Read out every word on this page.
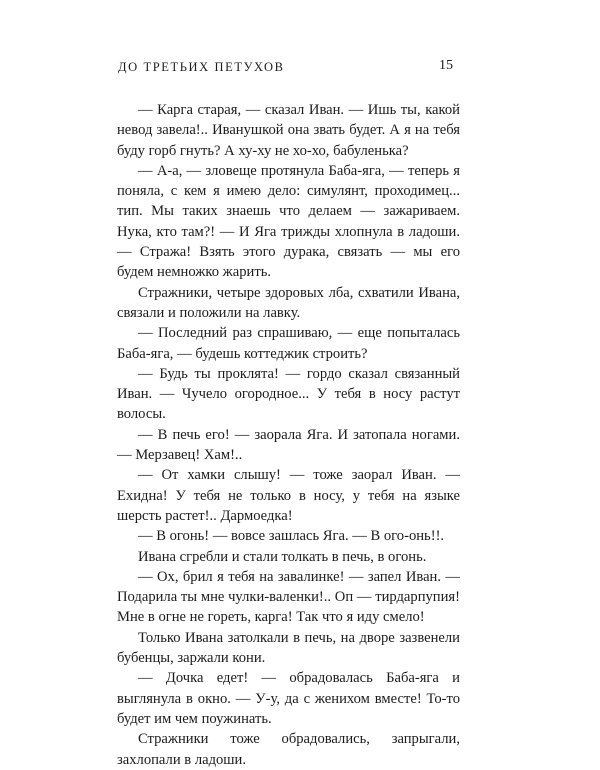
ДО ТРЕТЬИХ ПЕТУХОВ	15

— Карга старая, — сказал Иван. — Ишь ты, какой невод завела!.. Иванушкой она звать будет. А я на тебя буду горб гнуть? А ху-ху не хо-хо, бабуленька?

— А-а, — зловеще протянула Баба-яга, — теперь я поняла, с кем я имею дело: симулянт, проходимец... тип. Мы таких знаешь что делаем — зажариваем. Нука, кто там?! — И Яга трижды хлопнула в ладоши. — Стража! Взять этого дурака, связать — мы его будем немножко жарить.

Стражники, четыре здоровых лба, схватили Ивана, связали и положили на лавку.

— Последний раз спрашиваю, — еще попыталась Баба-яга, — будешь коттеджик строить?

— Будь ты проклята! — гордо сказал связанный Иван. — Чучело огородное... У тебя в носу растут волосы.

— В печь его! — заорала Яга. И затопала ногами. — Мерзавец! Хам!..

— От хамки слышу! — тоже заорал Иван. — Ехидна! У тебя не только в носу, у тебя на языке шерсть растет!.. Дармоедка!

— В огонь! — вовсе зашлась Яга. — В ого-онь!!.

Ивана сгребли и стали толкать в печь, в огонь.

— Ох, брил я тебя на завалинке! — запел Иван. — Подарила ты мне чулки-валенки!.. Оп — тирдарпупия! Мне в огне не гореть, карга! Так что я иду смело!

Только Ивана затолкали в печь, на дворе зазвенели бубенцы, заржали кони.

— Дочка едет! — обрадовалась Баба-яга и выглянула в окно. — У-у, да с женихом вместе! То-то будет им чем поужинать.

Стражники тоже обрадовались, запрыгали, захлопали в ладоши.
